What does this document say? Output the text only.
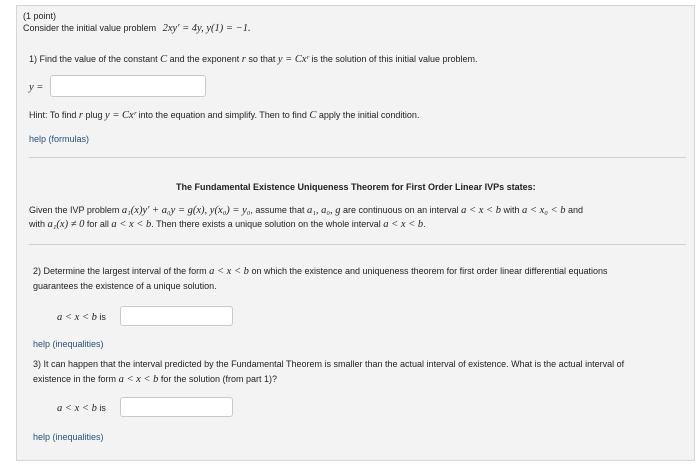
(1 point)
Consider the initial value problem 2xy′ = 4y, y(1) = −1.
1) Find the value of the constant C and the exponent r so that y = Cxʳ is the solution of this initial value problem.
y =
Hint: To find r plug y = Cxʳ into the equation and simplify. Then to find C apply the initial condition.
help (formulas)
The Fundamental Existence Uniqueness Theorem for First Order Linear IVPs states:
Given the IVP problem a₁(x)y′ + a₀y = g(x), y(x₀) = y₀, assume that a₁, a₀, g are continuous on an interval a < x < b with a < x₀ < b and
with a₁(x) ≠ 0 for all a < x < b. Then there exists a unique solution on the whole interval a < x < b.
2) Determine the largest interval of the form a < x < b on which the existence and uniqueness theorem for first order linear differential equations
guarantees the existence of a unique solution.
a < x < b is
help (inequalities)
3) It can happen that the interval predicted by the Fundamental Theorem is smaller than the actual interval of existence. What is the actual interval of
existence in the form a < x < b for the solution (from part 1)?
a < x < b is
help (inequalities)
